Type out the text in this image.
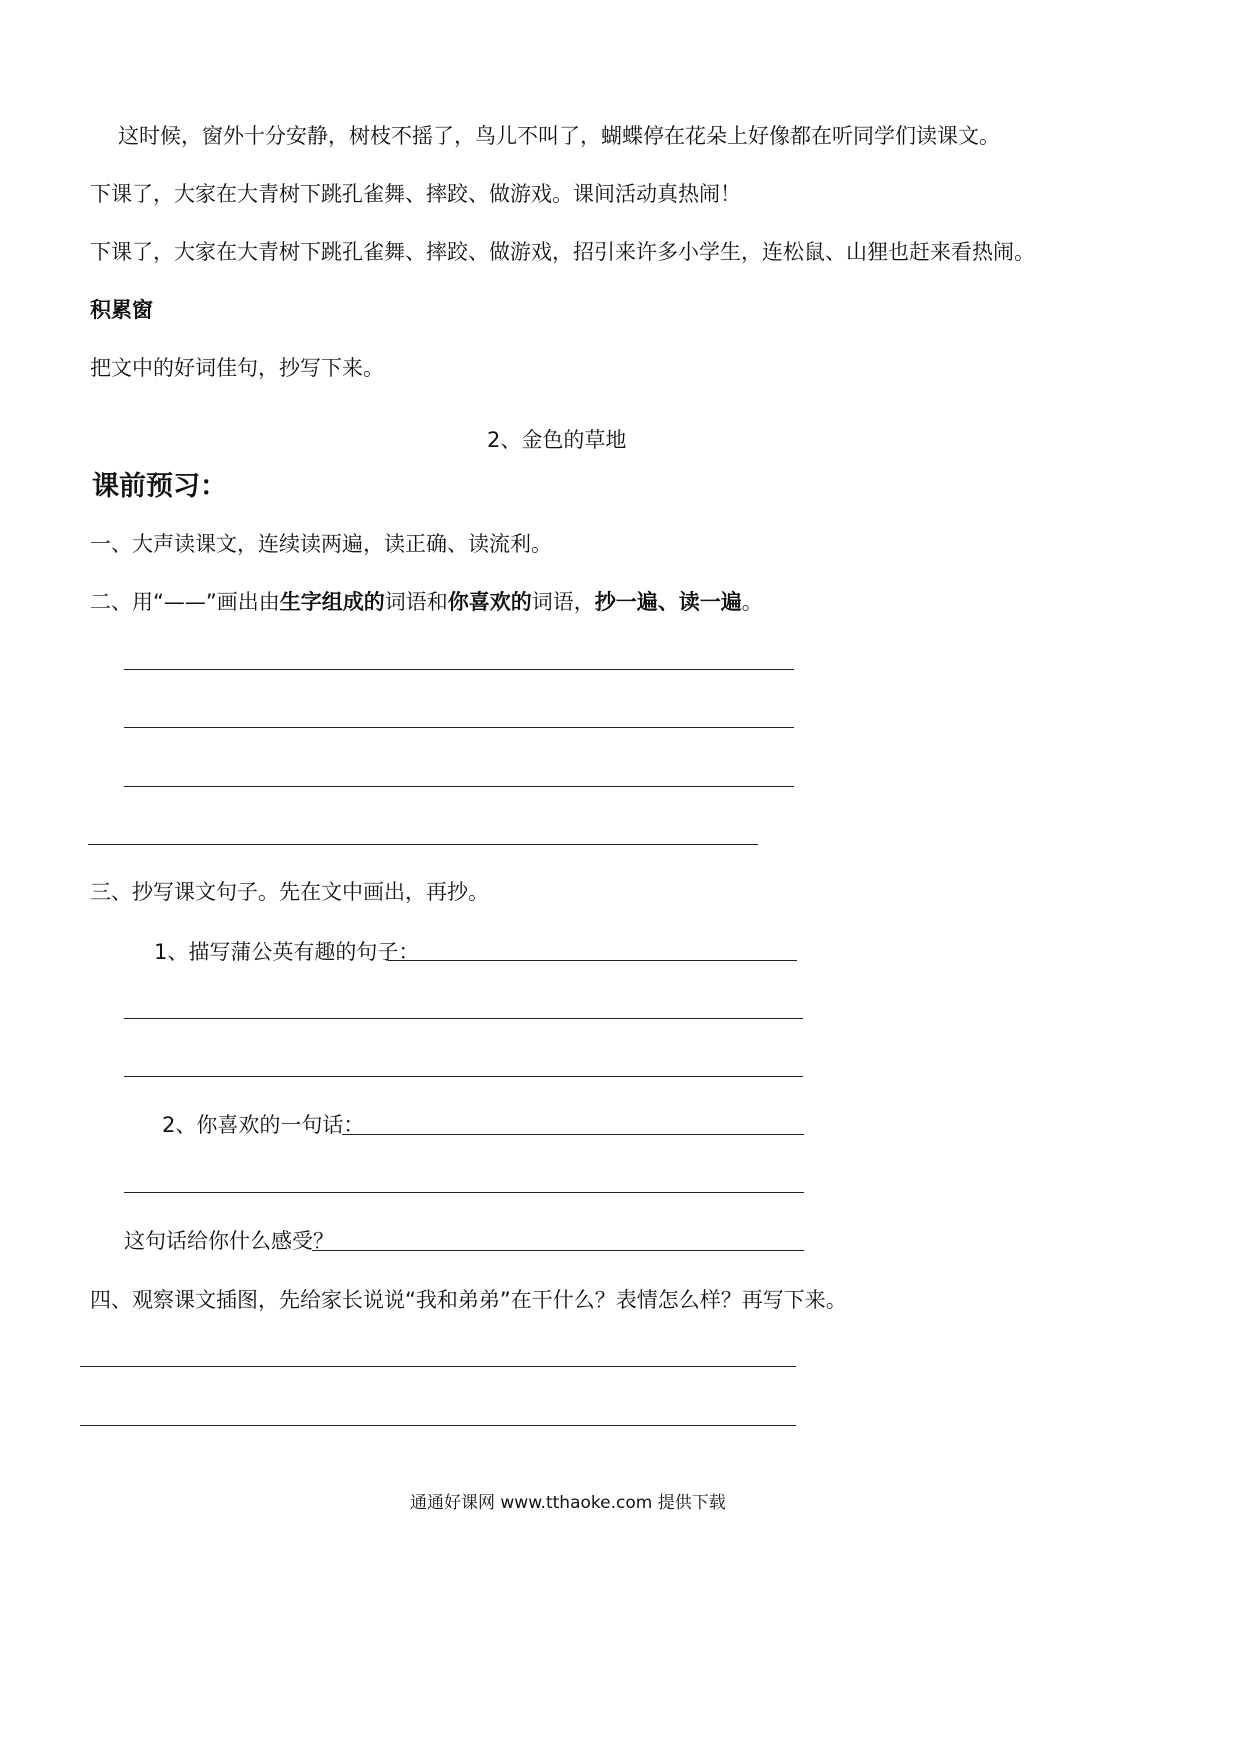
这时候，窗外十分安静，树枝不摇了，鸟儿不叫了，蝴蝶停在花朵上好像都在听同学们读课文。
下课了，大家在大青树下跳孔雀舞、摔跤、做游戏。课间活动真热闹！
下课了，大家在大青树下跳孔雀舞、摔跤、做游戏，招引来许多小学生，连松鼠、山狸也赶来看热闹。
积累窗
把文中的好词佳句，抄写下来。
2、金色的草地
课前预习：
一、大声读课文，连续读两遍，读正确、读流利。
二、用“——”画出由生字组成的词语和你喜欢的词语，抄一遍、读一遍。
三、抄写课文句子。先在文中画出，再抄。
1、描写蒲公英有趣的句子：
2、你喜欢的一句话：
这句话给你什么感受？
四、观察课文插图，先给家长说说“我和弟弟”在干什么？表情怎么样？再写下来。
通通好课网 www.tthaoke.com 提供下载
